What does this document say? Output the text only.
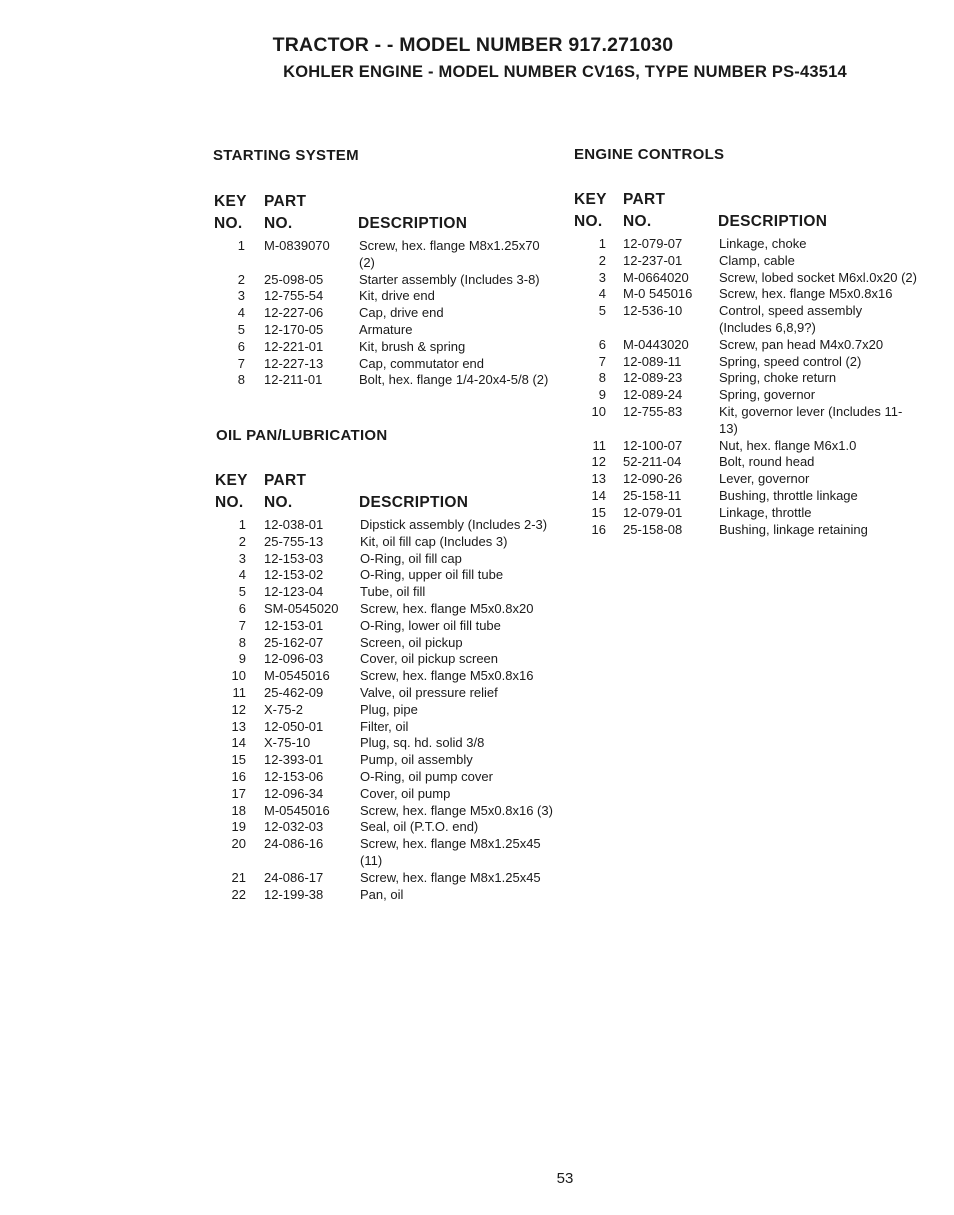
TRACTOR - - MODEL NUMBER 917.271030
KOHLER ENGINE - MODEL NUMBER CV16S, TYPE NUMBER PS-43514
STARTING SYSTEM
KEY PART
NO. NO.	DESCRIPTION
1 M-0839070 Screw, hex. flange M8x1.25x70 (2)
2 25-098-05	Starter assembly (Includes 3-8)
3 12-755-54	Kit, drive end
4 12-227-06	Cap, drive end
5 12-170-05	Armature
6 12-221-01	Kit, brush & spring
7 12-227-13	Cap, commutator end
8 12-211-01	Bolt, hex. flange 1/4-20x4-5/8 (2)
OIL PAN/LUBRICATION
KEY PART
NO. NO.	DESCRIPTION
1 12-038-01	Dipstick assembly (Includes 2-3)
2 25-755-13	Kit, oil fill cap (Includes 3)
3 12-153-03	O-Ring, oil fill cap
4 12-153-02	O-Ring, upper oil fill tube
5 12-123-04	Tube, oil fill
6 SM-0545020 Screw, hex. flange M5x0.8x20
7 12-153-01	O-Ring, lower oil fill tube
8 25-162-07	Screen, oil pickup
9 12-096-03	Cover, oil pickup screen
10 M-0545016 Screw, hex. flange M5x0.8x16
11 25-462-09	Valve, oil pressure relief
12 X-75-2	Plug, pipe
13 12-050-01	Filter, oil
14 X-75-10	Plug, sq. hd. solid 3/8
15 12-393-01	Pump, oil assembly
16 12-153-06	O-Ring, oil pump cover
17 12-096-34	Cover, oil pump
18 M-0545016 Screw, hex. flange M5x0.8x16 (3)
19 12-032-03	Seal, oil (P.T.O. end)
20 24-086-16	Screw, hex. flange M8x1.25x45 (11)
21 24-086-17	Screw, hex. flange M8x1.25x45
22 12-199-38	Pan, oil
ENGINE CONTROLS
KEY PART
NO. NO.	DESCRIPTION
1 12-079-07	Linkage, choke
2 12-237-01	Clamp, cable
3 M-0664020 Screw, lobed socket M6xl.0x20 (2)
4 M-0 545016 Screw, hex. flange M5x0.8x16
5 12-536-10	Control, speed assembly (Includes 6,8,9?)
6 M-0443020 Screw, pan head M4x0.7x20
7 12-089-11	Spring, speed control (2)
8 12-089-23	Spring, choke return
9 12-089-24	Spring, governor
10 12-755-83	Kit, governor lever (Includes 11-13)
11 12-100-07	Nut, hex. flange M6x1.0
12 52-211-04	Bolt, round head
13 12-090-26	Lever, governor
14 25-158-11	Bushing, throttle linkage
15 12-079-01	Linkage, throttle
16 25-158-08	Bushing, linkage retaining
53
